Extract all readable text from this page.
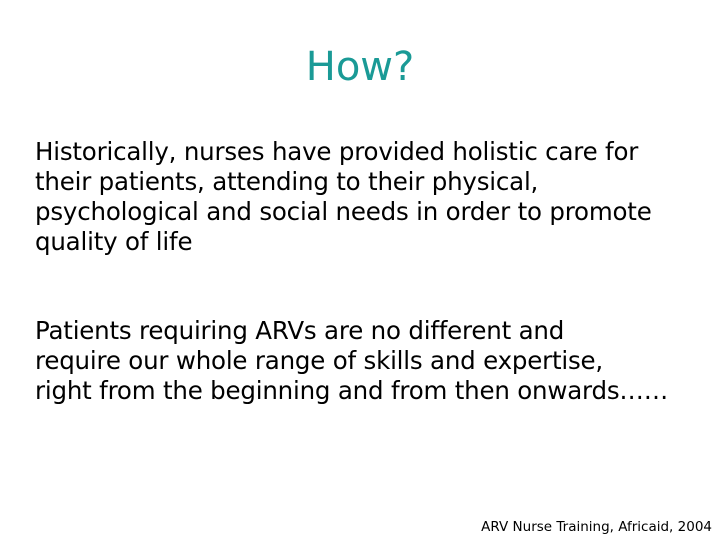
How?

Historically, nurses have provided holistic care for
their patients, attending to their physical,
psychological and social needs in order to promote
quality of life

Patients requiring ARVs are no different and
require our whole range of skills and expertise,
right from the beginning and from then onwards……

ARV Nurse Training, Africaid, 2004
